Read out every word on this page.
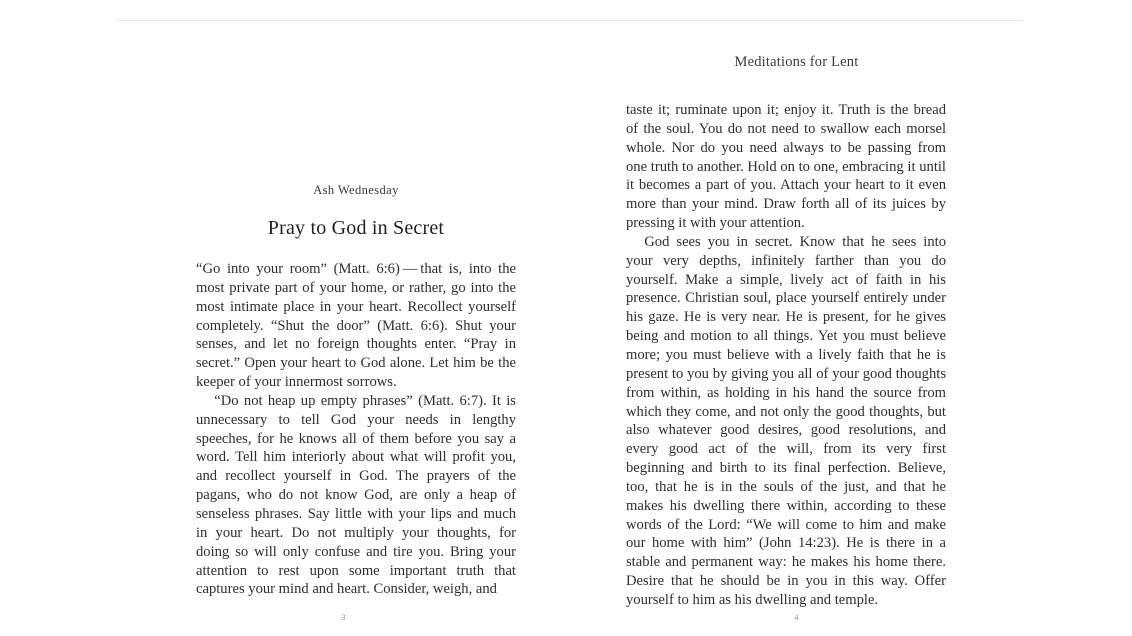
Ash Wednesday

Pray to God in Secret

“Go into your room” (Matt. 6:6) — that is, into the most private part of your home, or rather, go into the most intimate place in your heart. Recollect yourself completely. “Shut the door” (Matt. 6:6). Shut your senses, and let no foreign thoughts enter. “Pray in secret.” Open your heart to God alone. Let him be the keeper of your innermost sorrows.

“Do not heap up empty phrases” (Matt. 6:7). It is unnecessary to tell God your needs in lengthy speeches, for he knows all of them before you say a word. Tell him interiorly about what will profit you, and recollect yourself in God. The prayers of the pagans, who do not know God, are only a heap of senseless phrases. Say little with your lips and much in your heart. Do not multiply your thoughts, for doing so will only confuse and tire you. Bring your attention to rest upon some important truth that captures your mind and heart. Consider, weigh, and

3
Meditations for Lent

taste it; ruminate upon it; enjoy it. Truth is the bread of the soul. You do not need to swallow each morsel whole. Nor do you need always to be passing from one truth to another. Hold on to one, embracing it until it becomes a part of you. Attach your heart to it even more than your mind. Draw forth all of its juices by pressing it with your attention.

God sees you in secret. Know that he sees into your very depths, infinitely farther than you do yourself. Make a simple, lively act of faith in his presence. Christian soul, place yourself entirely under his gaze. He is very near. He is present, for he gives being and motion to all things. Yet you must believe more; you must believe with a lively faith that he is present to you by giving you all of your good thoughts from within, as holding in his hand the source from which they come, and not only the good thoughts, but also whatever good desires, good resolutions, and every good act of the will, from its very first beginning and birth to its final perfection. Believe, too, that he is in the souls of the just, and that he makes his dwelling there within, according to these words of the Lord: “We will come to him and make our home with him” (John 14:23). He is there in a stable and permanent way: he makes his home there. Desire that he should be in you in this way. Offer yourself to him as his dwelling and temple.

4
